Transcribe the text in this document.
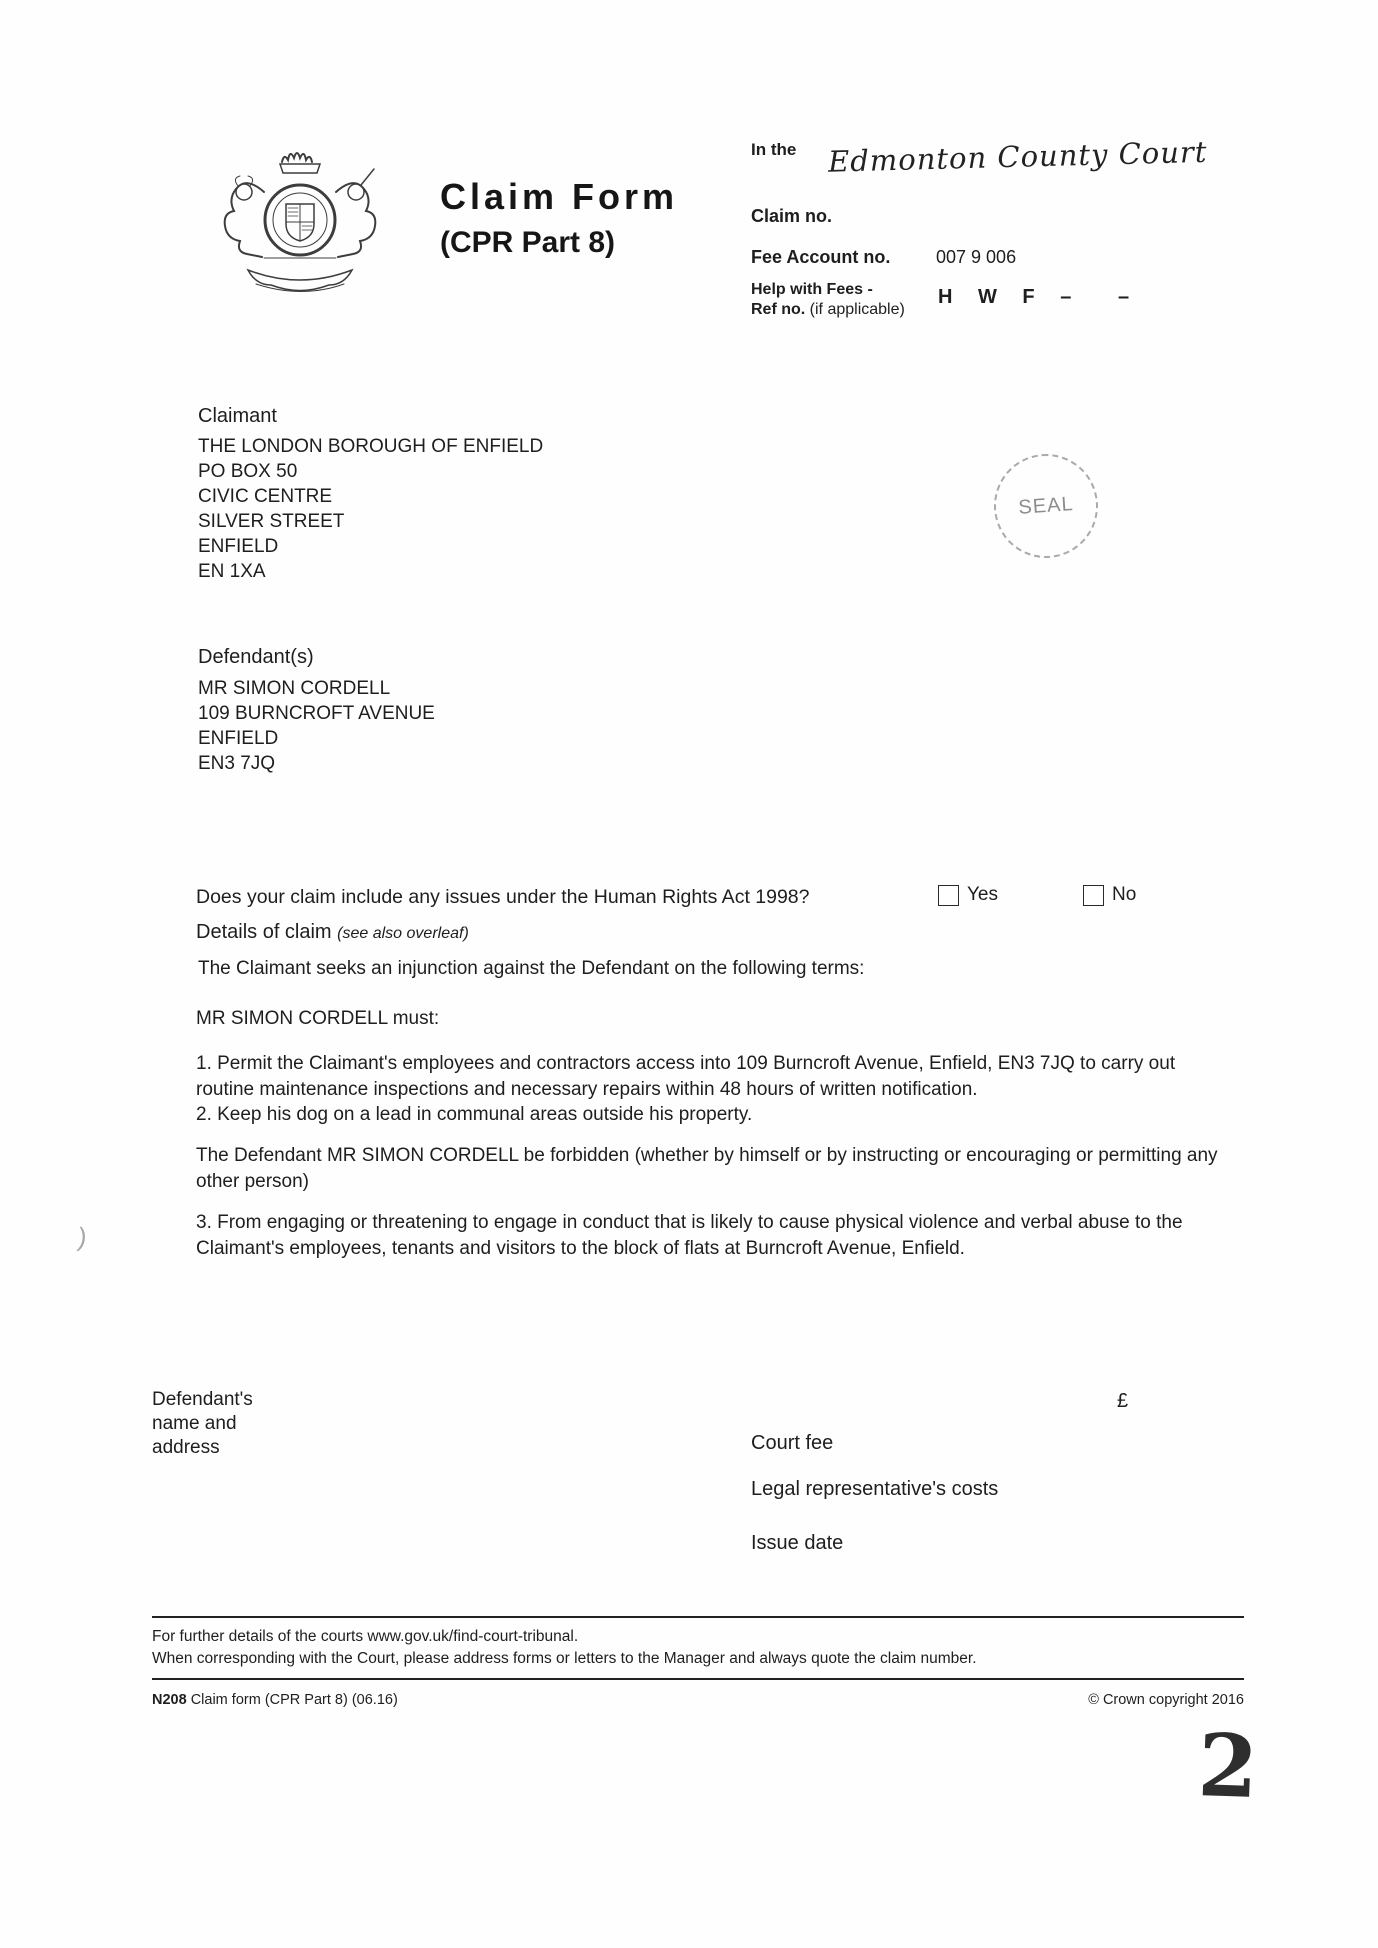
Claim Form
(CPR Part 8)
In the Edmonton County Court
Claim no.
Fee Account no.	007 9 006
Help with Fees -
Ref no. (if applicable)
H W F – –
Claimant
THE LONDON BOROUGH OF ENFIELD
PO BOX 50
CIVIC CENTRE
SILVER STREET
ENFIELD
EN 1XA
SEAL
Defendant(s)
MR SIMON CORDELL
109 BURNCROFT AVENUE
ENFIELD
EN3 7JQ
Does your claim include any issues under the Human Rights Act 1998?	Yes	No
Details of claim (see also overleaf)
The Claimant seeks an injunction against the Defendant on the following terms:
MR SIMON CORDELL must:
1. Permit the Claimant's employees and contractors access into 109 Burncroft Avenue, Enfield, EN3 7JQ to carry out routine maintenance inspections and necessary repairs within 48 hours of written notification.
2. Keep his dog on a lead in communal areas outside his property.
The Defendant MR SIMON CORDELL be forbidden (whether by himself or by instructing or encouraging or permitting any other person)
3. From engaging or threatening to engage in conduct that is likely to cause physical violence and verbal abuse to the Claimant's employees, tenants and visitors to the block of flats at Burncroft Avenue, Enfield.
Defendant's name and address
£
Court fee
Legal representative's costs
Issue date
For further details of the courts www.gov.uk/find-court-tribunal.
When corresponding with the Court, please address forms or letters to the Manager and always quote the claim number.
N208 Claim form (CPR Part 8) (06.16)	© Crown copyright 2016
2
)
